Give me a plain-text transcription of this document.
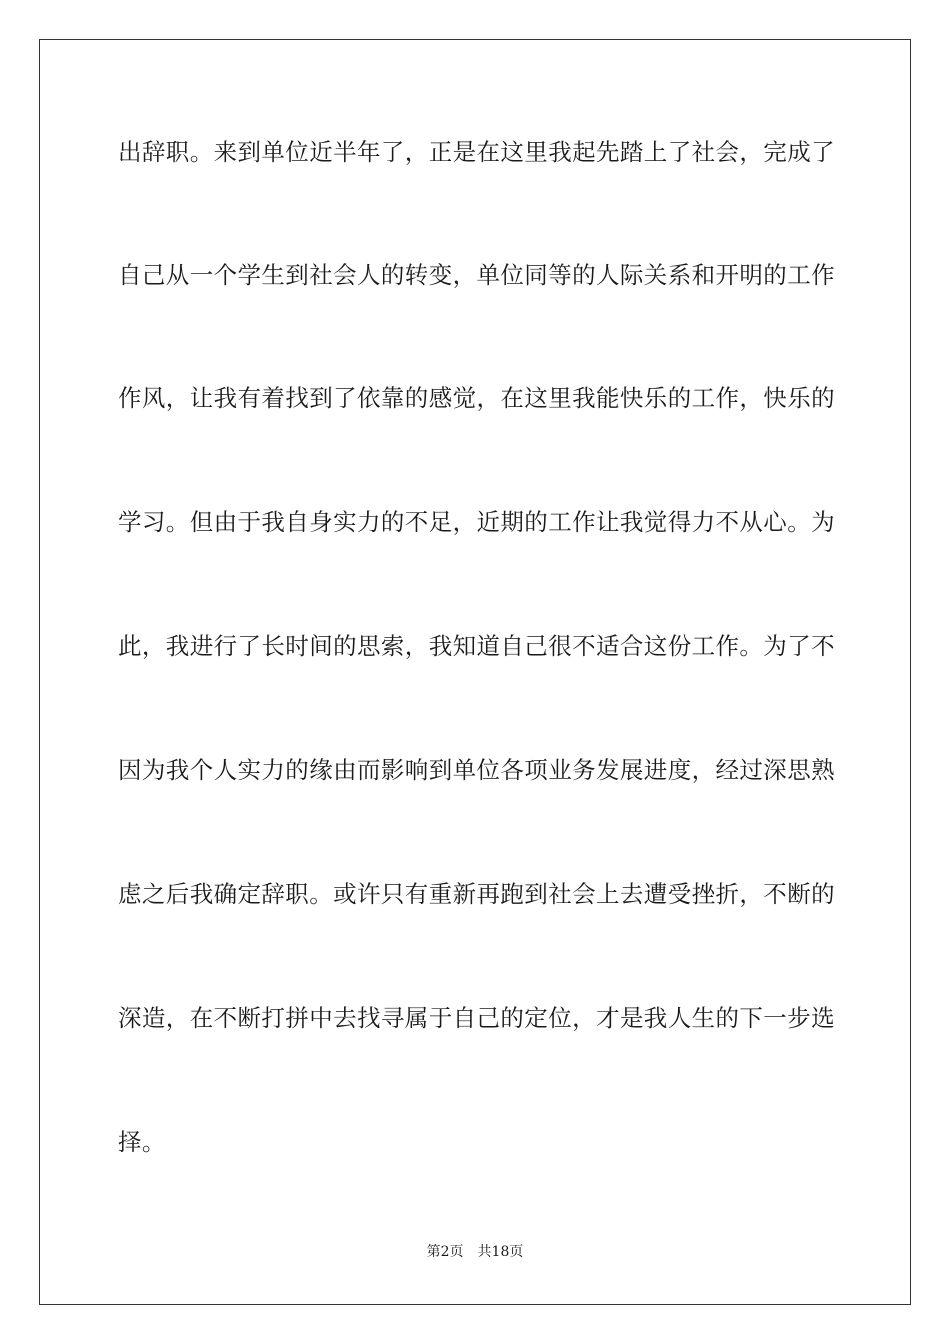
出辞职。来到单位近半年了，正是在这里我起先踏上了社会，完成了
自己从一个学生到社会人的转变，单位同等的人际关系和开明的工作
作风，让我有着找到了依靠的感觉，在这里我能快乐的工作，快乐的
学习。但由于我自身实力的不足，近期的工作让我觉得力不从心。为
此，我进行了长时间的思索，我知道自己很不适合这份工作。为了不
因为我个人实力的缘由而影响到单位各项业务发展进度，经过深思熟
虑之后我确定辞职。或许只有重新再跑到社会上去遭受挫折，不断的
深造，在不断打拼中去找寻属于自己的定位，才是我人生的下一步选
择。
第2页 共18页
